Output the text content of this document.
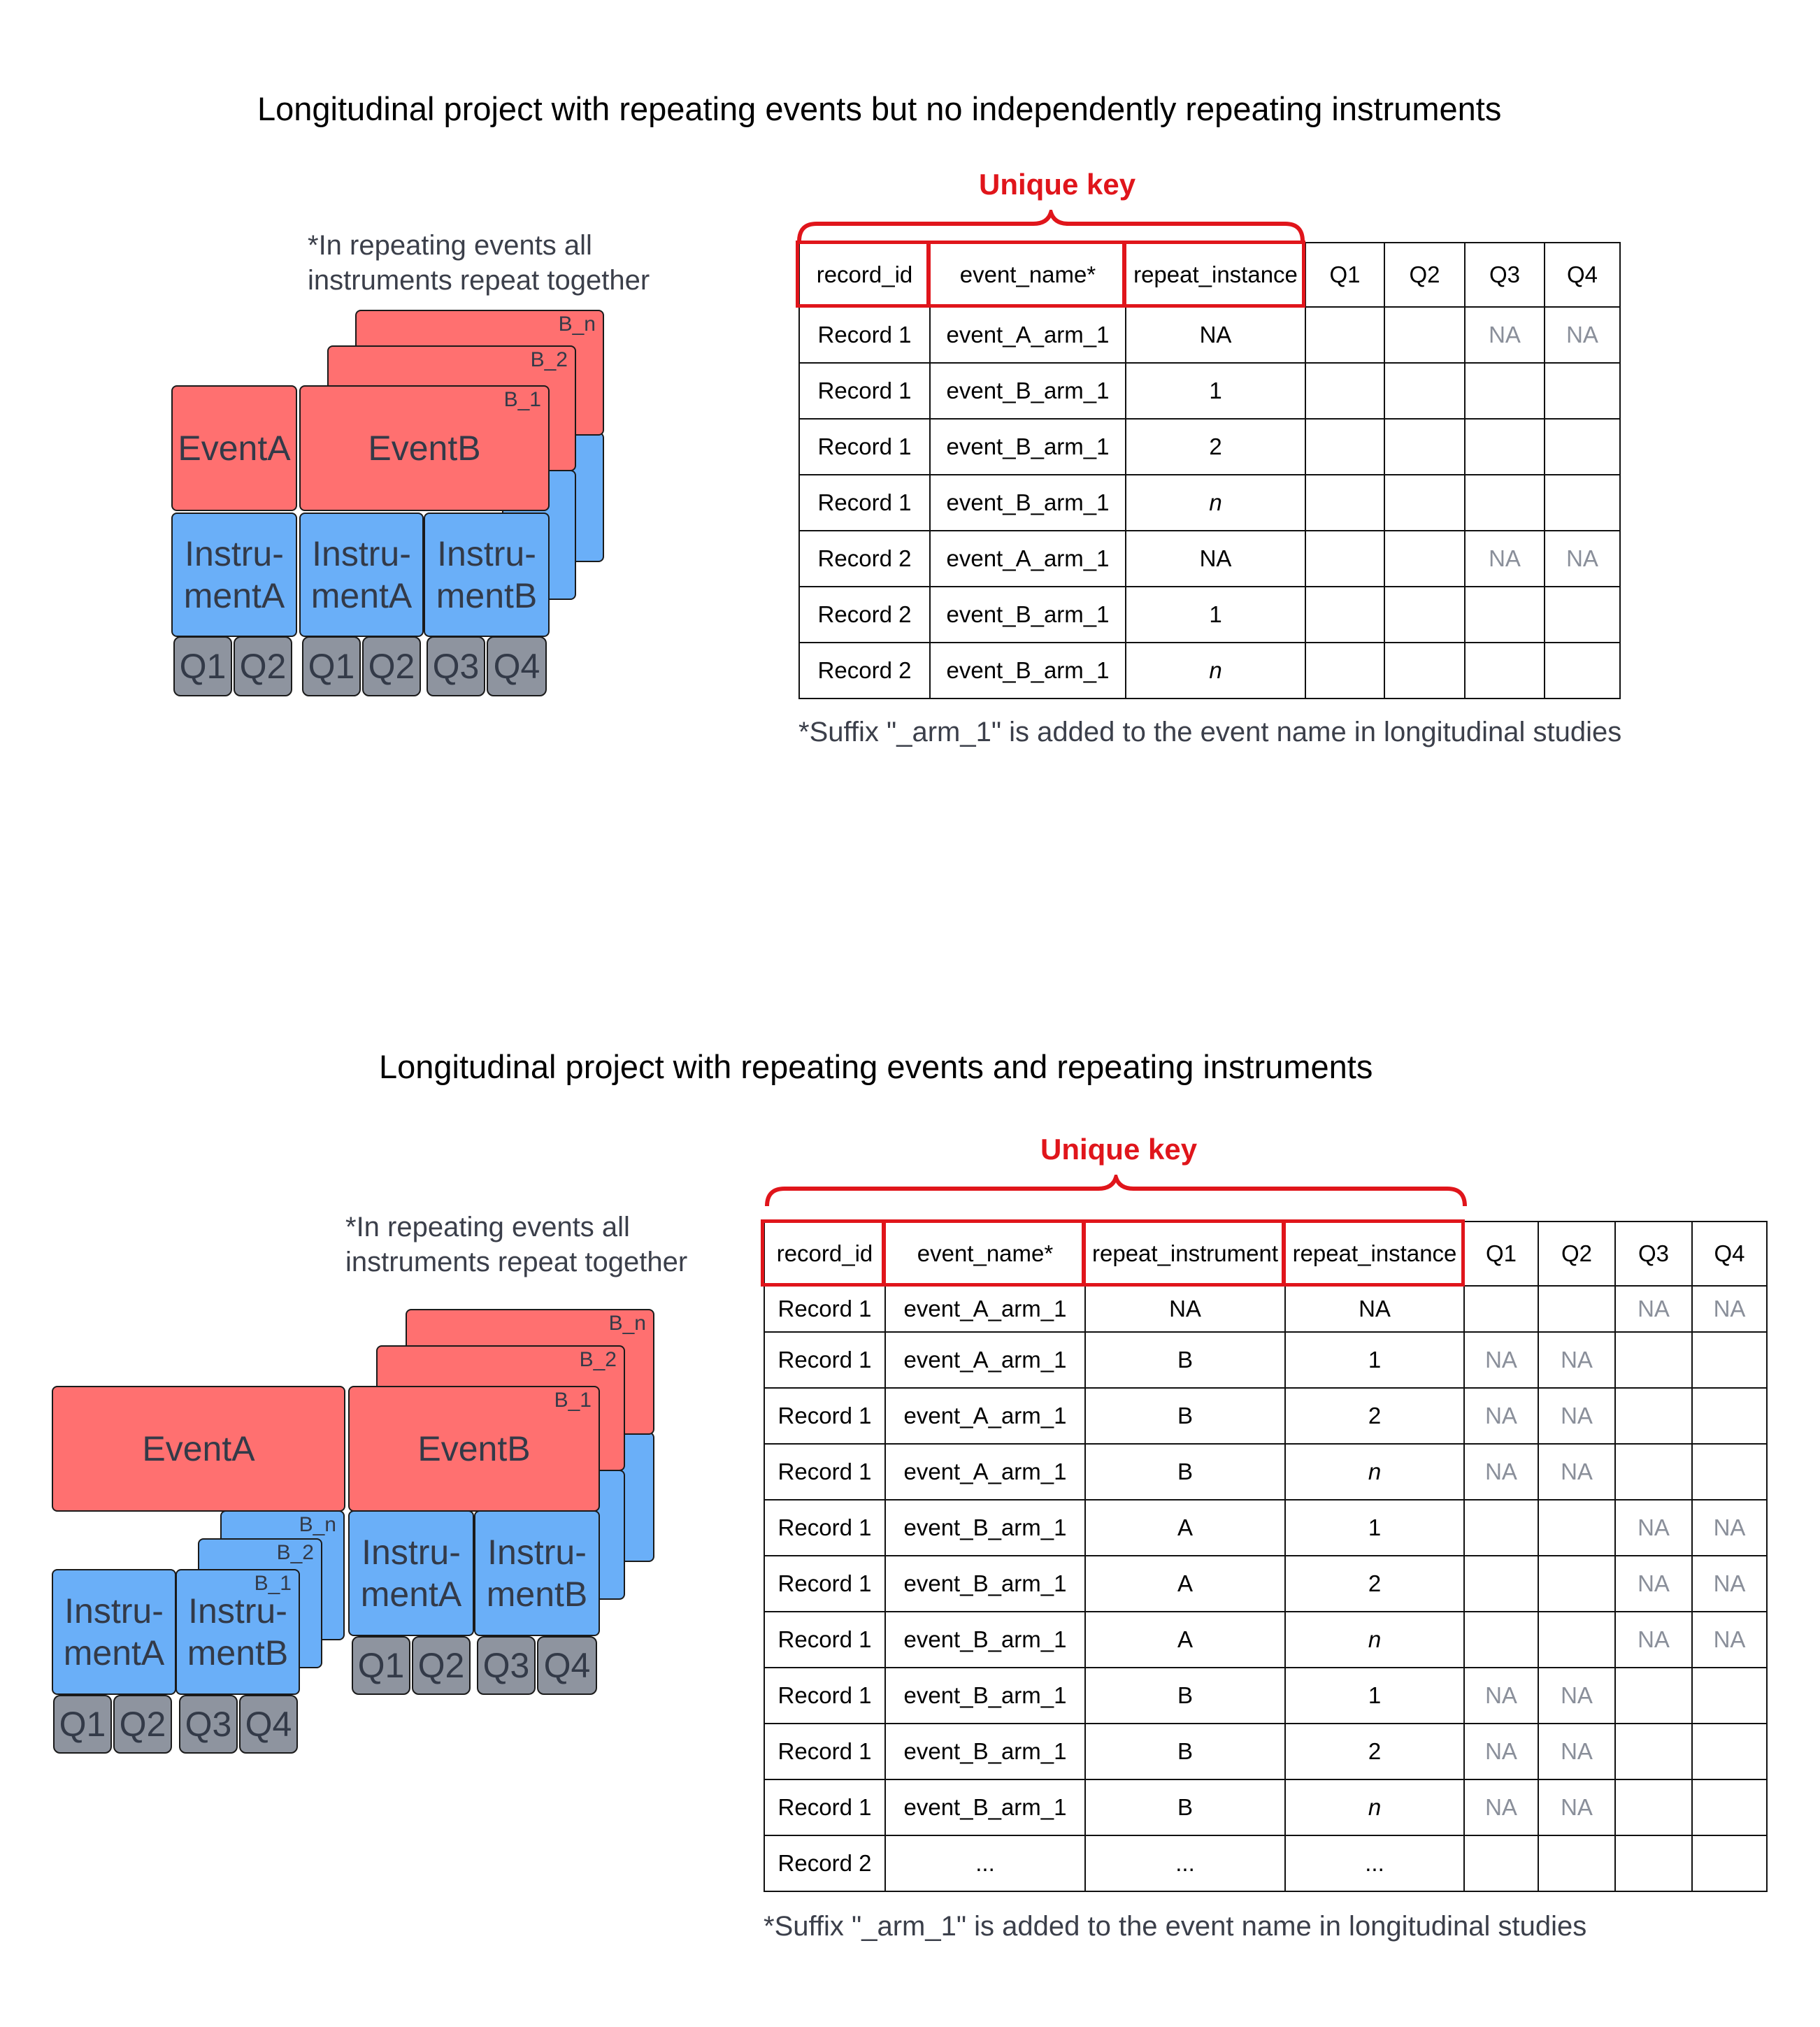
Longitudinal project with repeating events but no independently repeating instruments
*In repeating events all
instruments repeat together
B_n
B_2
EventA
B_1
EventB
Instru-
mentA
Instru-
mentA
Instru-
mentB
Q1 Q2 Q1 Q2 Q3 Q4
Unique key
record_id	event_name*	repeat_instance	Q1	Q2	Q3	Q4
Record 1	event_A_arm_1	NA			NA	NA
Record 1	event_B_arm_1	1				
Record 1	event_B_arm_1	2				
Record 1	event_B_arm_1	n				
Record 2	event_A_arm_1	NA			NA	NA
Record 2	event_B_arm_1	1				
Record 2	event_B_arm_1	n				
*Suffix "_arm_1" is added to the event name in longitudinal studies
Longitudinal project with repeating events and repeating instruments
*In repeating events all
instruments repeat together
B_n
B_2
B_n
B_2
EventA
B_1
EventB
Instru-
mentA
Instru-
mentB
Instru-
mentA
B_1
Instru-
mentB Q1 Q2 Q3 Q4
Q1 Q2 Q3 Q4
Unique key
record_id	event_name*	repeat_instrument	repeat_instance	Q1	Q2	Q3	Q4
Record 1	event_A_arm_1	NA	NA			NA	NA
Record 1	event_A_arm_1	B	1	NA	NA		
Record 1	event_A_arm_1	B	2	NA	NA		
Record 1	event_A_arm_1	B	n	NA	NA		
Record 1	event_B_arm_1	A	1			NA	NA
Record 1	event_B_arm_1	A	2			NA	NA
Record 1	event_B_arm_1	A	n			NA	NA
Record 1	event_B_arm_1	B	1	NA	NA		
Record 1	event_B_arm_1	B	2	NA	NA		
Record 1	event_B_arm_1	B	n	NA	NA		
Record 2	...	...	...				
*Suffix "_arm_1" is added to the event name in longitudinal studies
